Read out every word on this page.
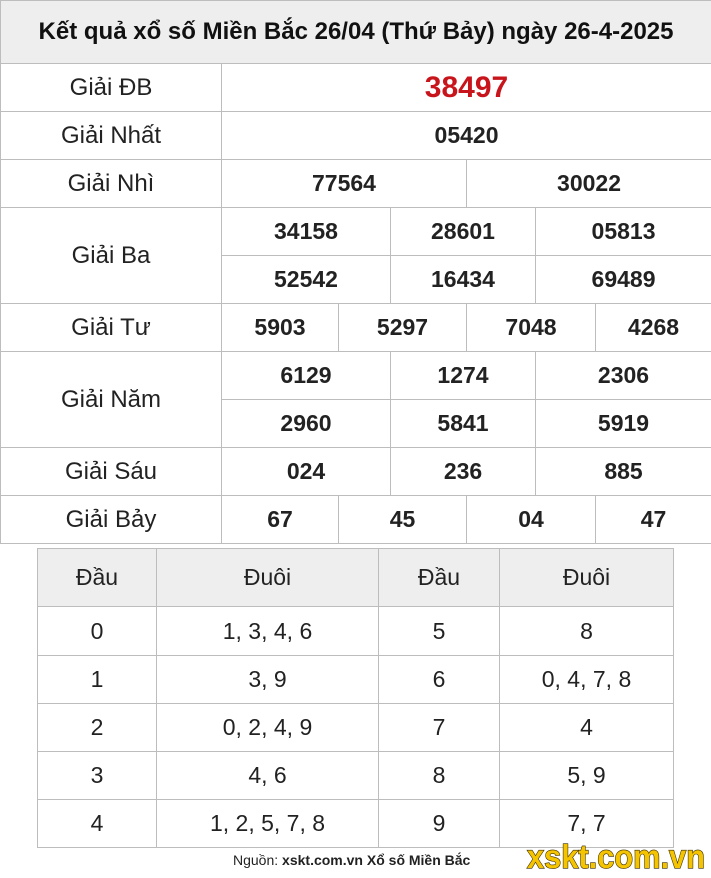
Kết quả xổ số Miền Bắc 26/04 (Thứ Bảy) ngày 26-4-2025						
Giải ĐB	38497					
Giải Nhất	05420					
Giải Nhì	77564			30022		
Giải Ba	34158		28601		05813	
	52542		16434		69489	
Giải Tư	5903	5297		7048		4268
Giải Năm	6129		1274		2306	
	2960		5841		5919	
Giải Sáu	024		236		885	
Giải Bảy	67	45		04		47
Đầu	Đuôi	Đầu	Đuôi
0	1, 3, 4, 6	5	8
1	3, 9	6	0, 4, 7, 8
2	0, 2, 4, 9	7	4
3	4, 6	8	5, 9
4	1, 2, 5, 7, 8	9	7, 7
Nguồn: xskt.com.vn Xổ số Miền Bắc xskt.com.vn
